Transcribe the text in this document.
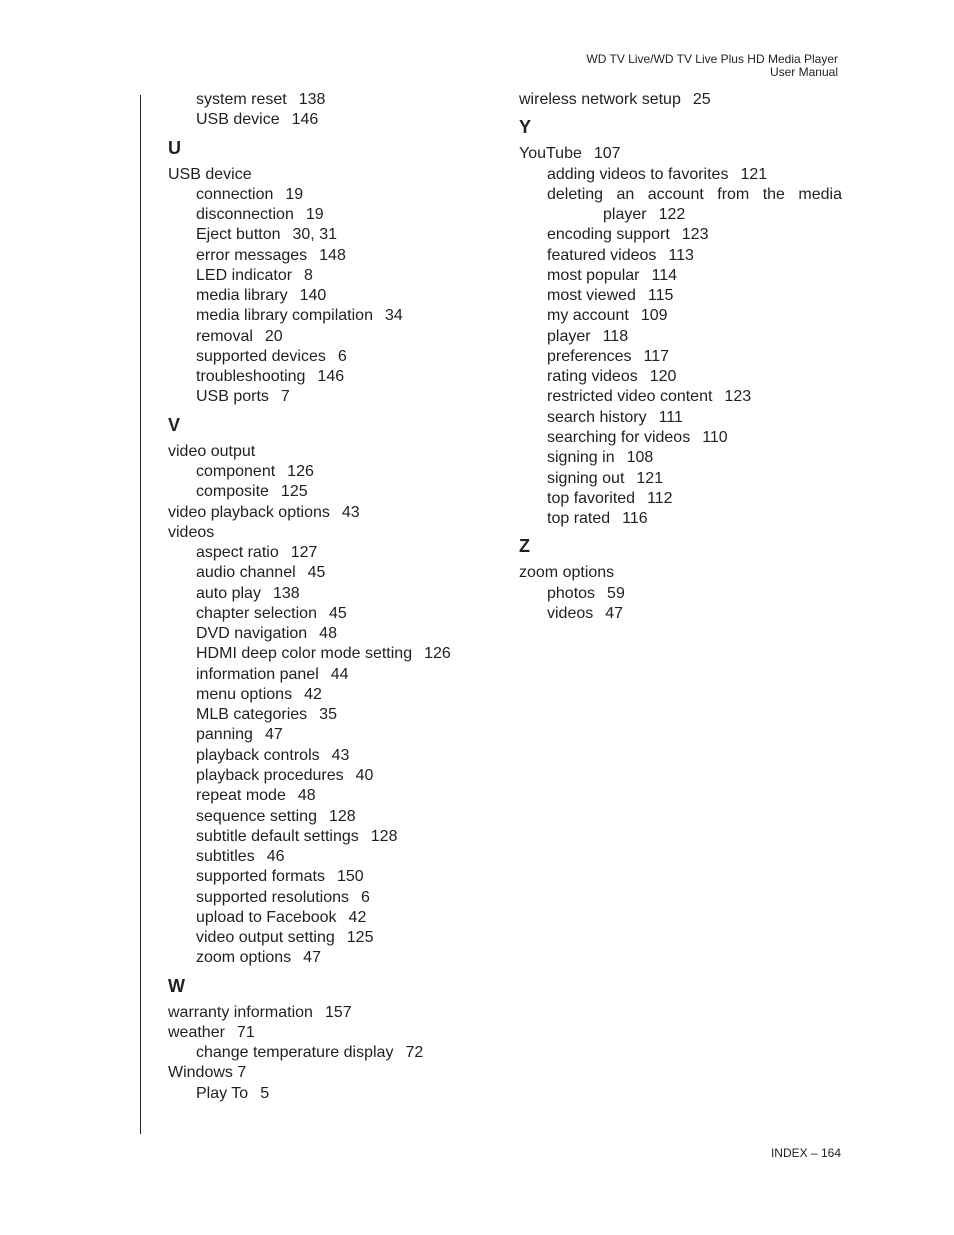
WD TV Live/WD TV Live Plus HD Media Player
User Manual
system reset 138
USB device 146
U
USB device
connection 19
disconnection 19
Eject button 30, 31
error messages 148
LED indicator 8
media library 140
media library compilation 34
removal 20
supported devices 6
troubleshooting 146
USB ports 7
V
video output
component 126
composite 125
video playback options 43
videos
aspect ratio 127
audio channel 45
auto play 138
chapter selection 45
DVD navigation 48
HDMI deep color mode setting 126
information panel 44
menu options 42
MLB categories 35
panning 47
playback controls 43
playback procedures 40
repeat mode 48
sequence setting 128
subtitle default settings 128
subtitles 46
supported formats 150
supported resolutions 6
upload to Facebook 42
video output setting 125
zoom options 47
W
warranty information 157
weather 71
change temperature display 72
Windows 7
Play To 5
wireless network setup 25
Y
YouTube 107
adding videos to favorites 121
deleting an account from the media
player 122
encoding support 123
featured videos 113
most popular 114
most viewed 115
my account 109
player 118
preferences 117
rating videos 120
restricted video content 123
search history 111
searching for videos 110
signing in 108
signing out 121
top favorited 112
top rated 116
Z
zoom options
photos 59
videos 47
INDEX – 164
